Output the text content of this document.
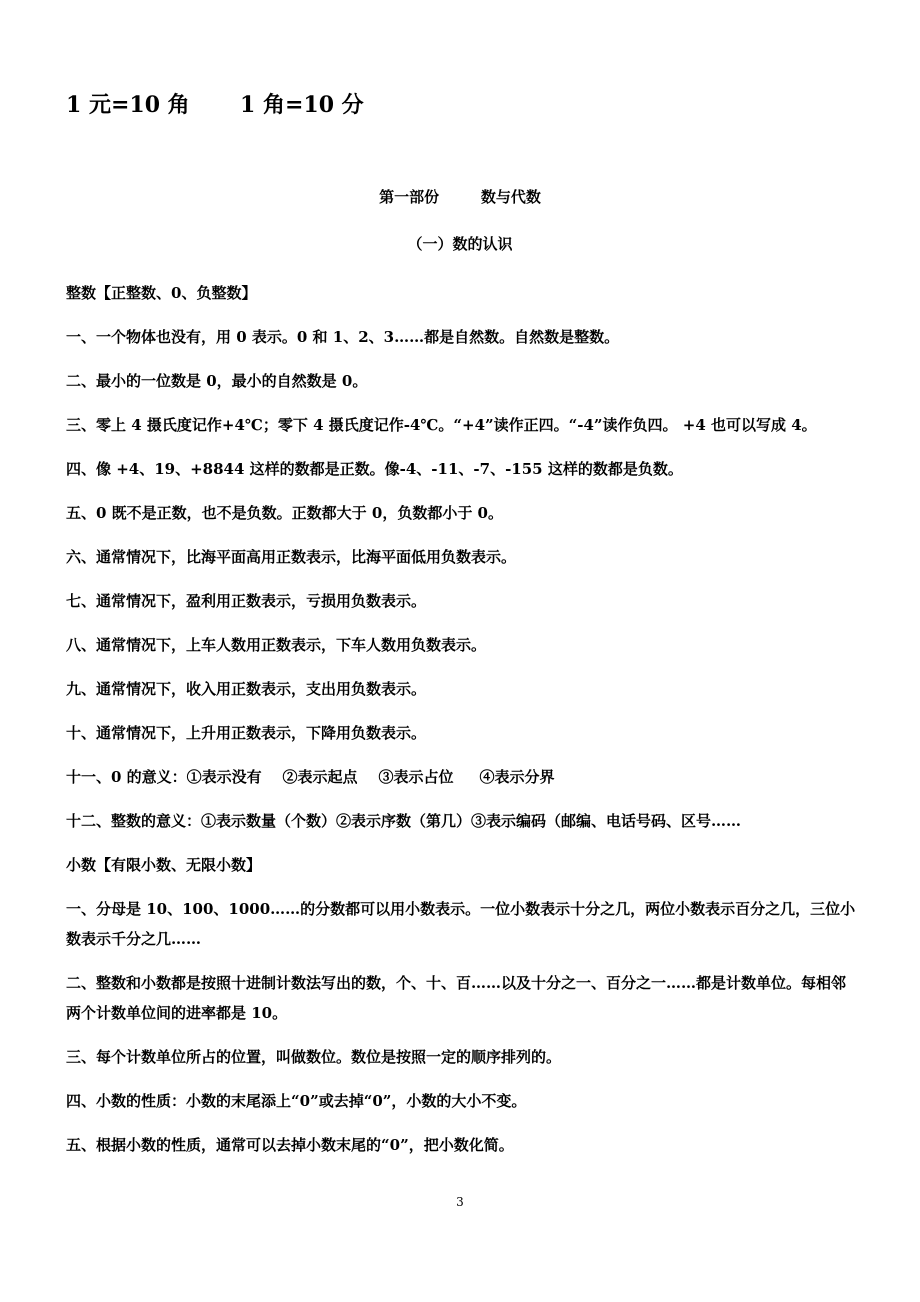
1 元=10 角 1 角=10 分
第一部份        数与代数
（一）数的认识

整数【正整数、0、负整数】

一、一个物体也没有，用 0 表示。0 和 1、2、3……都是自然数。自然数是整数。

二、最小的一位数是 0，最小的自然数是 0。

三、零上 4 摄氏度记作+4℃；零下 4 摄氏度记作-4℃。“+4”读作正四。“-4”读作负四。 +4 也可以写成 4。

四、像 +4、19、+8844 这样的数都是正数。像-4、-11、-7、-155 这样的数都是负数。

五、0 既不是正数，也不是负数。正数都大于 0，负数都小于 0。

六、通常情况下，比海平面高用正数表示，比海平面低用负数表示。

七、通常情况下，盈利用正数表示，亏损用负数表示。

八、通常情况下，上车人数用正数表示，下车人数用负数表示。

九、通常情况下，收入用正数表示，支出用负数表示。

十、通常情况下，上升用正数表示，下降用负数表示。

十一、0 的意义：①表示没有    ②表示起点    ③表示占位     ④表示分界

十二、整数的意义：①表示数量（个数）②表示序数（第几）③表示编码（邮编、电话号码、区号……

小数【有限小数、无限小数】

一、分母是 10、100、1000……的分数都可以用小数表示。一位小数表示十分之几，两位小数表示百分之几，三位小数表示千分之几……

二、整数和小数都是按照十进制计数法写出的数，个、十、百……以及十分之一、百分之一……都是计数单位。每相邻两个计数单位间的进率都是 10。

三、每个计数单位所占的位置，叫做数位。数位是按照一定的顺序排列的。

四、小数的性质：小数的末尾添上“0”或去掉“0”，小数的大小不变。

五、根据小数的性质，通常可以去掉小数末尾的“0”，把小数化简。

3
